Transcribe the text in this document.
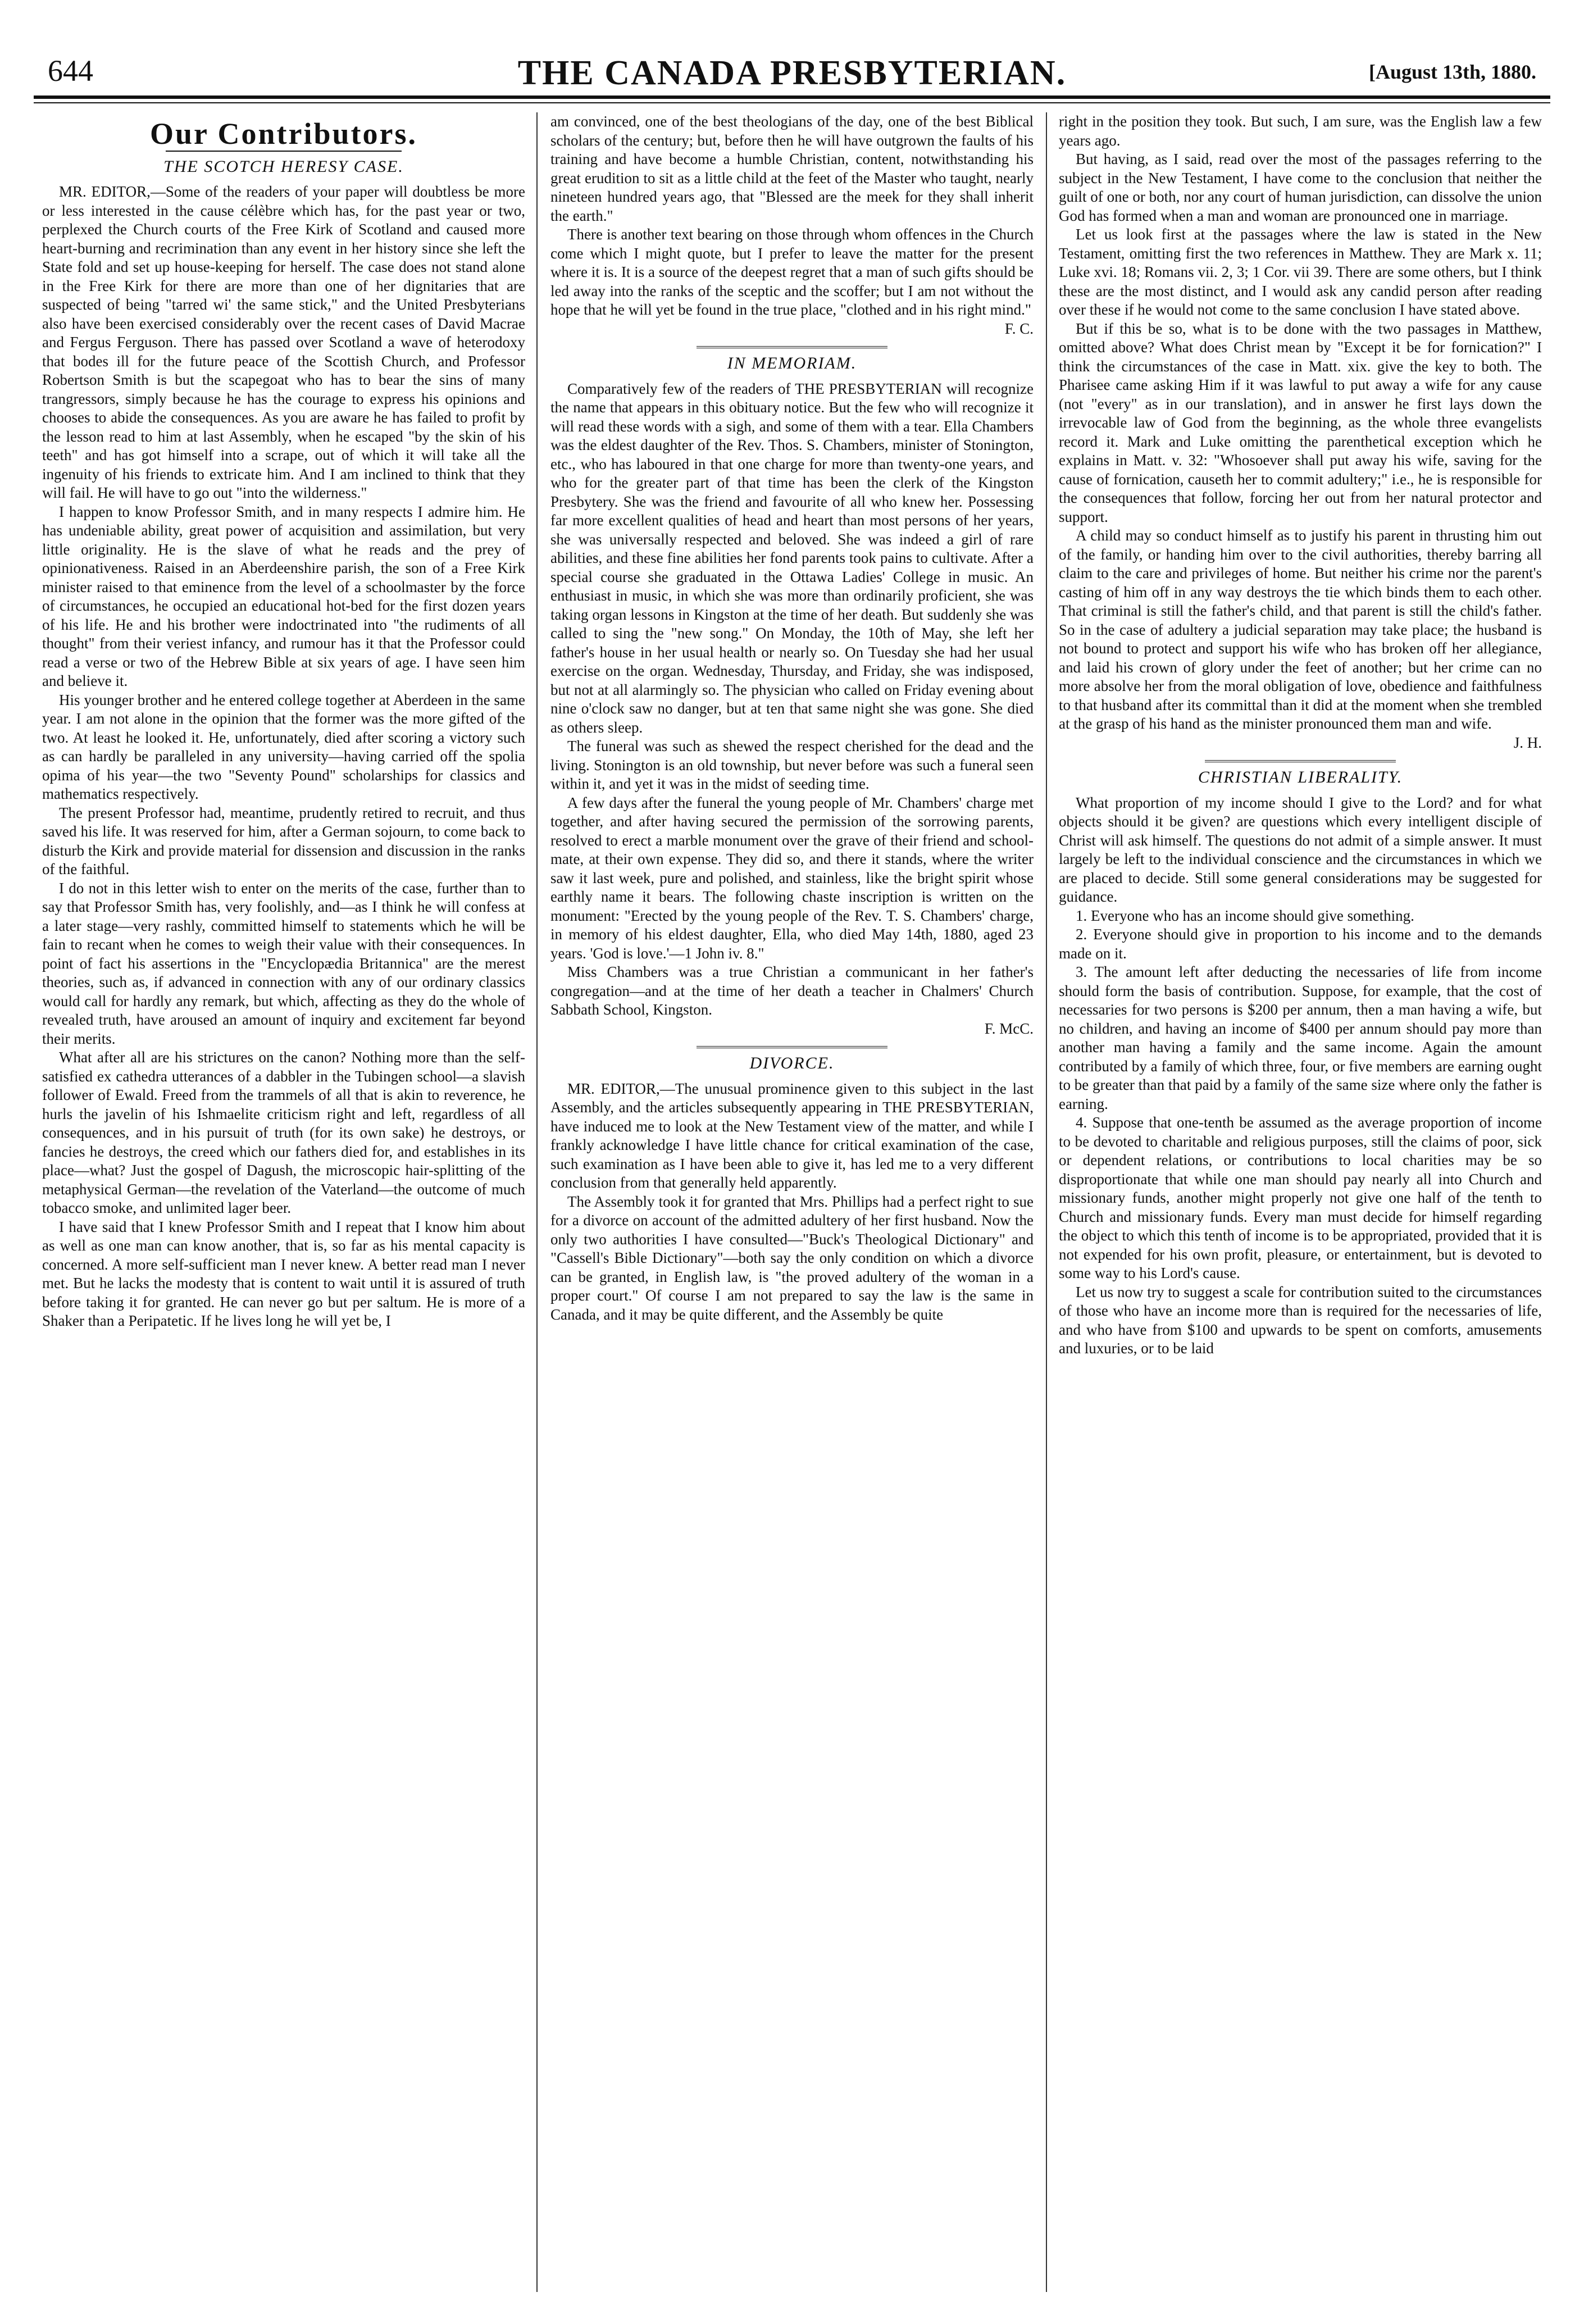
644	THE CANADA PRESBYTERIAN.	[August 13th, 1880.
Our Contributors.
THE SCOTCH HERESY CASE.

MR. EDITOR,—Some of the readers of your paper will doubtless be more or less interested in the cause célèbre which has, for the past year or two, perplexed the Church courts of the Free Kirk of Scotland and caused more heart-burning and recrimination than any event in her history since she left the State fold and set up house-keeping for herself. The case does not stand alone in the Free Kirk for there are more than one of her dignitaries that are suspected of being "tarred wi' the same stick," and the United Presbyterians also have been exercised considerably over the recent cases of David Macrae and Fergus Ferguson. There has passed over Scotland a wave of heterodoxy that bodes ill for the future peace of the Scottish Church, and Professor Robertson Smith is but the scapegoat who has to bear the sins of many trangressors, simply because he has the courage to express his opinions and chooses to abide the consequences. As you are aware he has failed to profit by the lesson read to him at last Assembly, when he escaped "by the skin of his teeth" and has got himself into a scrape, out of which it will take all the ingenuity of his friends to extricate him. And I am inclined to think that they will fail. He will have to go out "into the wilderness."

I happen to know Professor Smith, and in many respects I admire him. He has undeniable ability, great power of acquisition and assimilation, but very little originality. He is the slave of what he reads and the prey of opinionativeness. Raised in an Aberdeenshire parish, the son of a Free Kirk minister raised to that eminence from the level of a schoolmaster by the force of circumstances, he occupied an educational hot-bed for the first dozen years of his life. He and his brother were indoctrinated into "the rudiments of all thought" from their veriest infancy, and rumour has it that the Professor could read a verse or two of the Hebrew Bible at six years of age. I have seen him and believe it.

His younger brother and he entered college together at Aberdeen in the same year. I am not alone in the opinion that the former was the more gifted of the two. At least he looked it. He, unfortunately, died after scoring a victory such as can hardly be paralleled in any university—having carried off the spolia opima of his year—the two "Seventy Pound" scholarships for classics and mathematics respectively.

The present Professor had, meantime, prudently retired to recruit, and thus saved his life. It was reserved for him, after a German sojourn, to come back to disturb the Kirk and provide material for dissension and discussion in the ranks of the faithful.

I do not in this letter wish to enter on the merits of the case, further than to say that Professor Smith has, very foolishly, and—as I think he will confess at a later stage—very rashly, committed himself to statements which he will be fain to recant when he comes to weigh their value with their consequences. In point of fact his assertions in the "Encyclopædia Britannica" are the merest theories, such as, if advanced in connection with any of our ordinary classics would call for hardly any remark, but which, affecting as they do the whole of revealed truth, have aroused an amount of inquiry and excitement far beyond their merits.

What after all are his strictures on the canon? Nothing more than the self-satisfied ex cathedra utterances of a dabbler in the Tubingen school—a slavish follower of Ewald. Freed from the trammels of all that is akin to reverence, he hurls the javelin of his Ishmaelite criticism right and left, regardless of all consequences, and in his pursuit of truth (for its own sake) he destroys, or fancies he destroys, the creed which our fathers died for, and establishes in its place—what? Just the gospel of Dagush, the microscopic hair-splitting of the metaphysical German—the revelation of the Vaterland—the outcome of much tobacco smoke, and unlimited lager beer.

I have said that I knew Professor Smith and I repeat that I know him about as well as one man can know another, that is, so far as his mental capacity is concerned. A more self-sufficient man I never knew. A better read man I never met. But he lacks the modesty that is content to wait until it is assured of truth before taking it for granted. He can never go but per saltum. He is more of a Shaker than a Peripatetic. If he lives long he will yet be, I

am convinced, one of the best theologians of the day, one of the best Biblical scholars of the century; but, before then he will have outgrown the faults of his training and have become a humble Christian, content, notwithstanding his great erudition to sit as a little child at the feet of the Master who taught, nearly nineteen hundred years ago, that "Blessed are the meek for they shall inherit the earth."

There is another text bearing on those through whom offences in the Church come which I might quote, but I prefer to leave the matter for the present where it is. It is a source of the deepest regret that a man of such gifts should be led away into the ranks of the sceptic and the scoffer; but I am not without the hope that he will yet be found in the true place, "clothed and in his right mind."

F. C.

IN MEMORIAM.

Comparatively few of the readers of THE PRESBYTERIAN will recognize the name that appears in this obituary notice. But the few who will recognize it will read these words with a sigh, and some of them with a tear. Ella Chambers was the eldest daughter of the Rev. Thos. S. Chambers, minister of Stonington, etc., who has laboured in that one charge for more than twenty-one years, and who for the greater part of that time has been the clerk of the Kingston Presbytery. She was the friend and favourite of all who knew her. Possessing far more excellent qualities of head and heart than most persons of her years, she was universally respected and beloved. She was indeed a girl of rare abilities, and these fine abilities her fond parents took pains to cultivate. After a special course she graduated in the Ottawa Ladies' College in music. An enthusiast in music, in which she was more than ordinarily proficient, she was taking organ lessons in Kingston at the time of her death. But suddenly she was called to sing the "new song." On Monday, the 10th of May, she left her father's house in her usual health or nearly so. On Tuesday she had her usual exercise on the organ. Wednesday, Thursday, and Friday, she was indisposed, but not at all alarmingly so. The physician who called on Friday evening about nine o'clock saw no danger, but at ten that same night she was gone. She died as others sleep.

The funeral was such as shewed the respect cherished for the dead and the living. Stonington is an old township, but never before was such a funeral seen within it, and yet it was in the midst of seeding time.

A few days after the funeral the young people of Mr. Chambers' charge met together, and after having secured the permission of the sorrowing parents, resolved to erect a marble monument over the grave of their friend and school-mate, at their own expense. They did so, and there it stands, where the writer saw it last week, pure and polished, and stainless, like the bright spirit whose earthly name it bears. The following chaste inscription is written on the monument: "Erected by the young people of the Rev. T. S. Chambers' charge, in memory of his eldest daughter, Ella, who died May 14th, 1880, aged 23 years. 'God is love.'—1 John iv. 8."

Miss Chambers was a true Christian a communicant in her father's congregation—and at the time of her death a teacher in Chalmers' Church Sabbath School, Kingston.

F. McC.

DIVORCE.

MR. EDITOR,—The unusual prominence given to this subject in the last Assembly, and the articles subsequently appearing in THE PRESBYTERIAN, have induced me to look at the New Testament view of the matter, and while I frankly acknowledge I have little chance for critical examination of the case, such examination as I have been able to give it, has led me to a very different conclusion from that generally held apparently.

The Assembly took it for granted that Mrs. Phillips had a perfect right to sue for a divorce on account of the admitted adultery of her first husband. Now the only two authorities I have consulted—"Buck's Theological Dictionary" and "Cassell's Bible Dictionary"—both say the only condition on which a divorce can be granted, in English law, is "the proved adultery of the woman in a proper court." Of course I am not prepared to say the law is the same in Canada, and it may be quite different, and the Assembly be quite

right in the position they took. But such, I am sure, was the English law a few years ago.

But having, as I said, read over the most of the passages referring to the subject in the New Testament, I have come to the conclusion that neither the guilt of one or both, nor any court of human jurisdiction, can dissolve the union God has formed when a man and woman are pronounced one in marriage.

Let us look first at the passages where the law is stated in the New Testament, omitting first the two references in Matthew. They are Mark x. 11; Luke xvi. 18; Romans vii. 2, 3; 1 Cor. vii 39. There are some others, but I think these are the most distinct, and I would ask any candid person after reading over these if he would not come to the same conclusion I have stated above.

But if this be so, what is to be done with the two passages in Matthew, omitted above? What does Christ mean by "Except it be for fornication?" I think the circumstances of the case in Matt. xix. give the key to both. The Pharisee came asking Him if it was lawful to put away a wife for any cause (not "every" as in our translation), and in answer he first lays down the irrevocable law of God from the beginning, as the whole three evangelists record it. Mark and Luke omitting the parenthetical exception which he explains in Matt. v. 32: "Whosoever shall put away his wife, saving for the cause of fornication, causeth her to commit adultery;" i.e., he is responsible for the consequences that follow, forcing her out from her natural protector and support.

A child may so conduct himself as to justify his parent in thrusting him out of the family, or handing him over to the civil authorities, thereby barring all claim to the care and privileges of home. But neither his crime nor the parent's casting of him off in any way destroys the tie which binds them to each other. That criminal is still the father's child, and that parent is still the child's father. So in the case of adultery a judicial separation may take place; the husband is not bound to protect and support his wife who has broken off her allegiance, and laid his crown of glory under the feet of another; but her crime can no more absolve her from the moral obligation of love, obedience and faithfulness to that husband after its committal than it did at the moment when she trembled at the grasp of his hand as the minister pronounced them man and wife.

J. H.

CHRISTIAN LIBERALITY.

What proportion of my income should I give to the Lord? and for what objects should it be given? are questions which every intelligent disciple of Christ will ask himself. The questions do not admit of a simple answer. It must largely be left to the individual conscience and the circumstances in which we are placed to decide. Still some general considerations may be suggested for guidance.

1. Everyone who has an income should give something.

2. Everyone should give in proportion to his income and to the demands made on it.

3. The amount left after deducting the necessaries of life from income should form the basis of contribution. Suppose, for example, that the cost of necessaries for two persons is $200 per annum, then a man having a wife, but no children, and having an income of $400 per annum should pay more than another man having a family and the same income. Again the amount contributed by a family of which three, four, or five members are earning ought to be greater than that paid by a family of the same size where only the father is earning.

4. Suppose that one-tenth be assumed as the average proportion of income to be devoted to charitable and religious purposes, still the claims of poor, sick or dependent relations, or contributions to local charities may be so disproportionate that while one man should pay nearly all into Church and missionary funds, another might properly not give one half of the tenth to Church and missionary funds. Every man must decide for himself regarding the object to which this tenth of income is to be appropriated, provided that it is not expended for his own profit, pleasure, or entertainment, but is devoted to some way to his Lord's cause.

Let us now try to suggest a scale for contribution suited to the circumstances of those who have an income more than is required for the necessaries of life, and who have from $100 and upwards to be spent on comforts, amusements and luxuries, or to be laid
